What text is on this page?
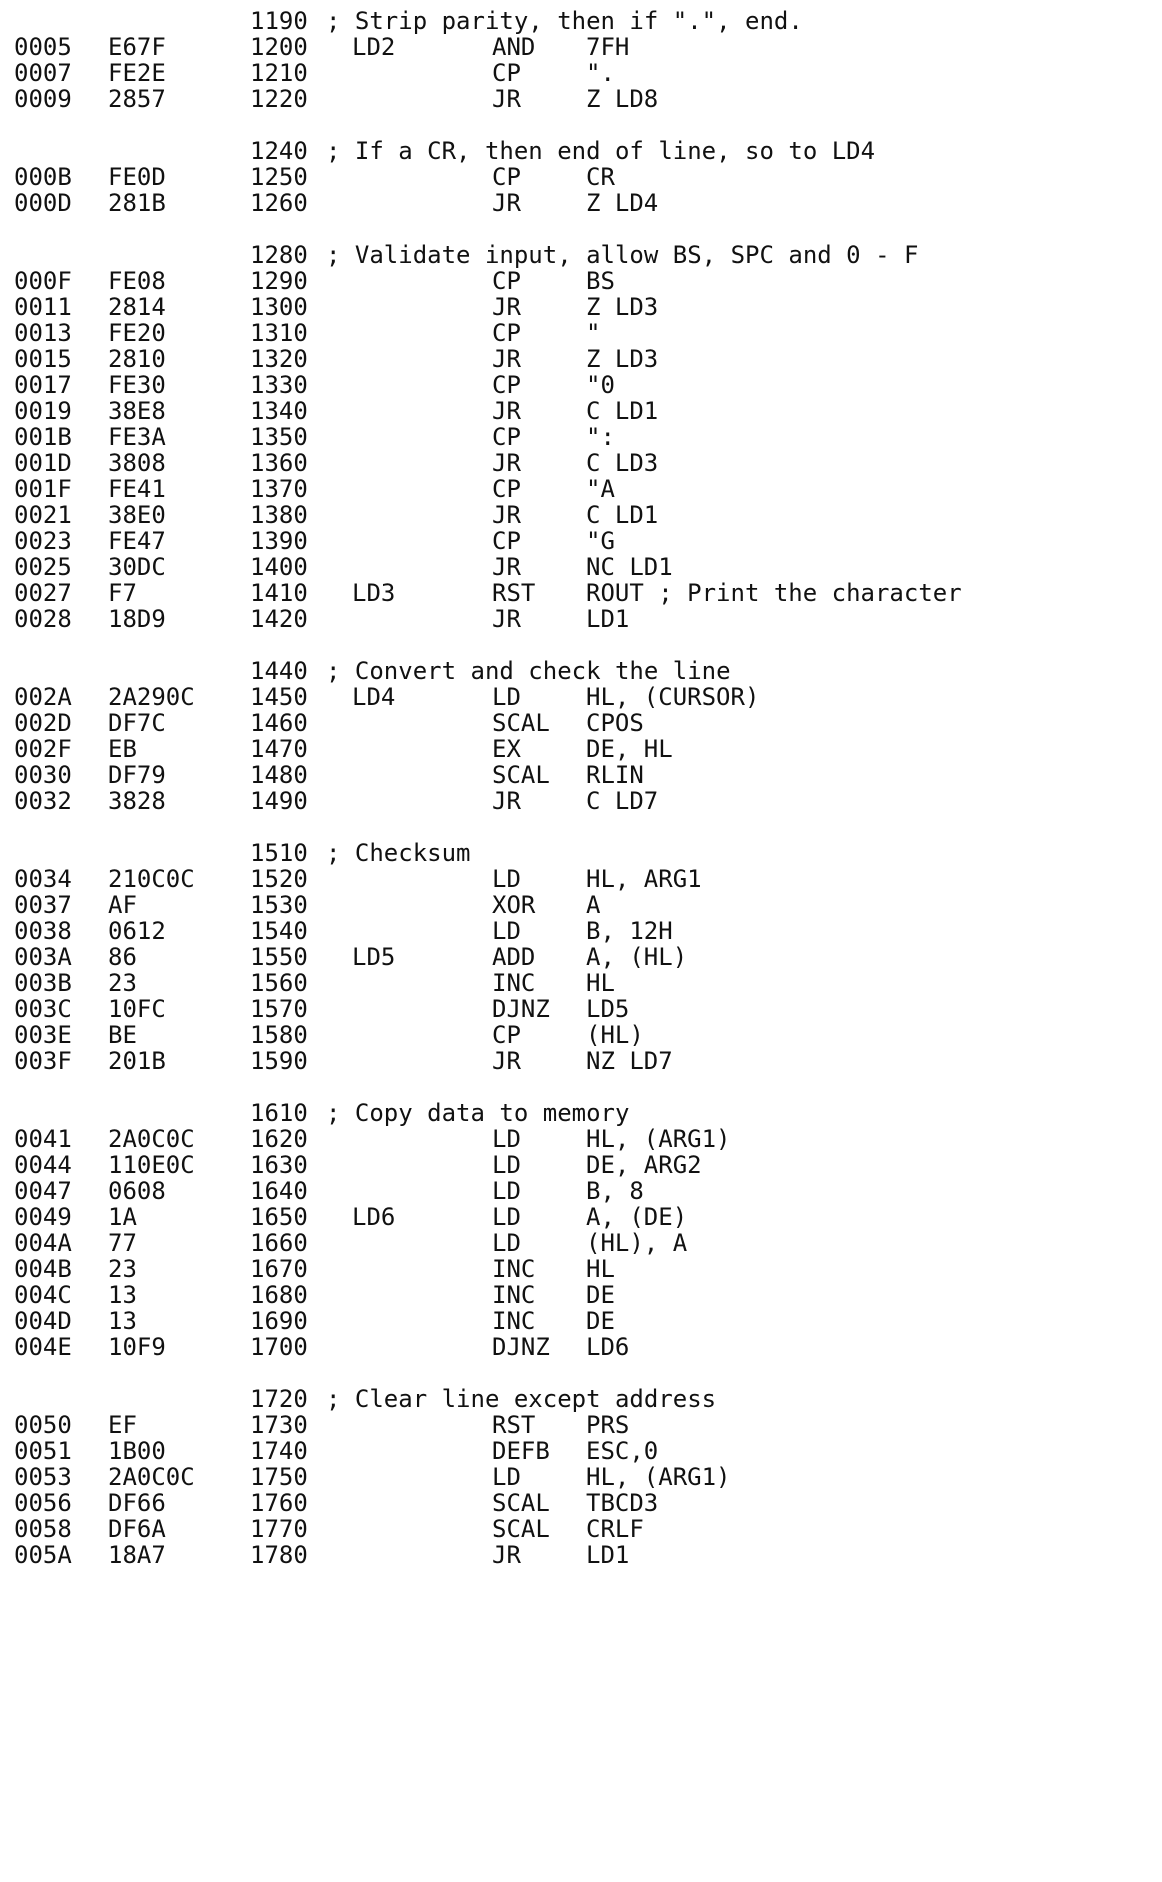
1190 ; Strip parity, then if ".", end.
0005 E67F	1200 LD2	AND 7FH
0007 FE2E	1210	CP	".
0009 2857	1220	JR	Z LD8
1240 ; If a CR, then end of line, so to LD4
000B FE0D	1250	CP	CR
000D 281B	1260	JR	Z LD4
1280 ; Validate input, allow BS, SPC and 0 - F
000F FE08	1290	CP	BS
0011 2814	1300	JR	Z LD3
0013 FE20	1310	CP	"
0015 2810	1320	JR	Z LD3
0017 FE30	1330	CP	"0
0019 38E8	1340	JR	C LD1
001B FE3A	1350	CP	":
001D 3808	1360	JR	C LD3
001F FE41	1370	CP	"A
0021 38E0	1380	JR	C LD1
0023 FE47	1390	CP	"G
0025 30DC	1400	JR	NC LD1
0027 F7	1410 LD3	RST ROUT ; Print the character
0028 18D9	1420	JR	LD1
1440 ; Convert and check the line
002A 2A290C 1450 LD4	LD	HL, (CURSOR)
002D DF7C	1460	SCAL CPOS
002F EB	1470	EX	DE, HL
0030 DF79	1480	SCAL RLIN
0032 3828	1490	JR	C LD7
1510 ; Checksum
0034 210C0C 1520	LD	HL, ARG1
0037 AF	1530	XOR A
0038 0612	1540	LD	B, 12H
003A 86	1550 LD5	ADD A, (HL)
003B 23	1560	INC HL
003C 10FC	1570	DJNZ LD5
003E BE	1580	CP	(HL)
003F 201B	1590	JR	NZ LD7
1610 ; Copy data to memory
0041 2A0C0C 1620	LD	HL, (ARG1)
0044 110E0C 1630	LD	DE, ARG2
0047 0608	1640	LD	B, 8
0049 1A	1650 LD6	LD	A, (DE)
004A 77	1660	LD	(HL), A
004B 23	1670	INC HL
004C 13	1680	INC DE
004D 13	1690	INC DE
004E 10F9	1700	DJNZ LD6
1720 ; Clear line except address
0050 EF	1730	RST PRS
0051 1B00	1740	DEFB ESC,0
0053 2A0C0C 1750	LD	HL, (ARG1)
0056 DF66	1760	SCAL TBCD3
0058 DF6A	1770	SCAL CRLF
005A 18A7	1780	JR	LD1
